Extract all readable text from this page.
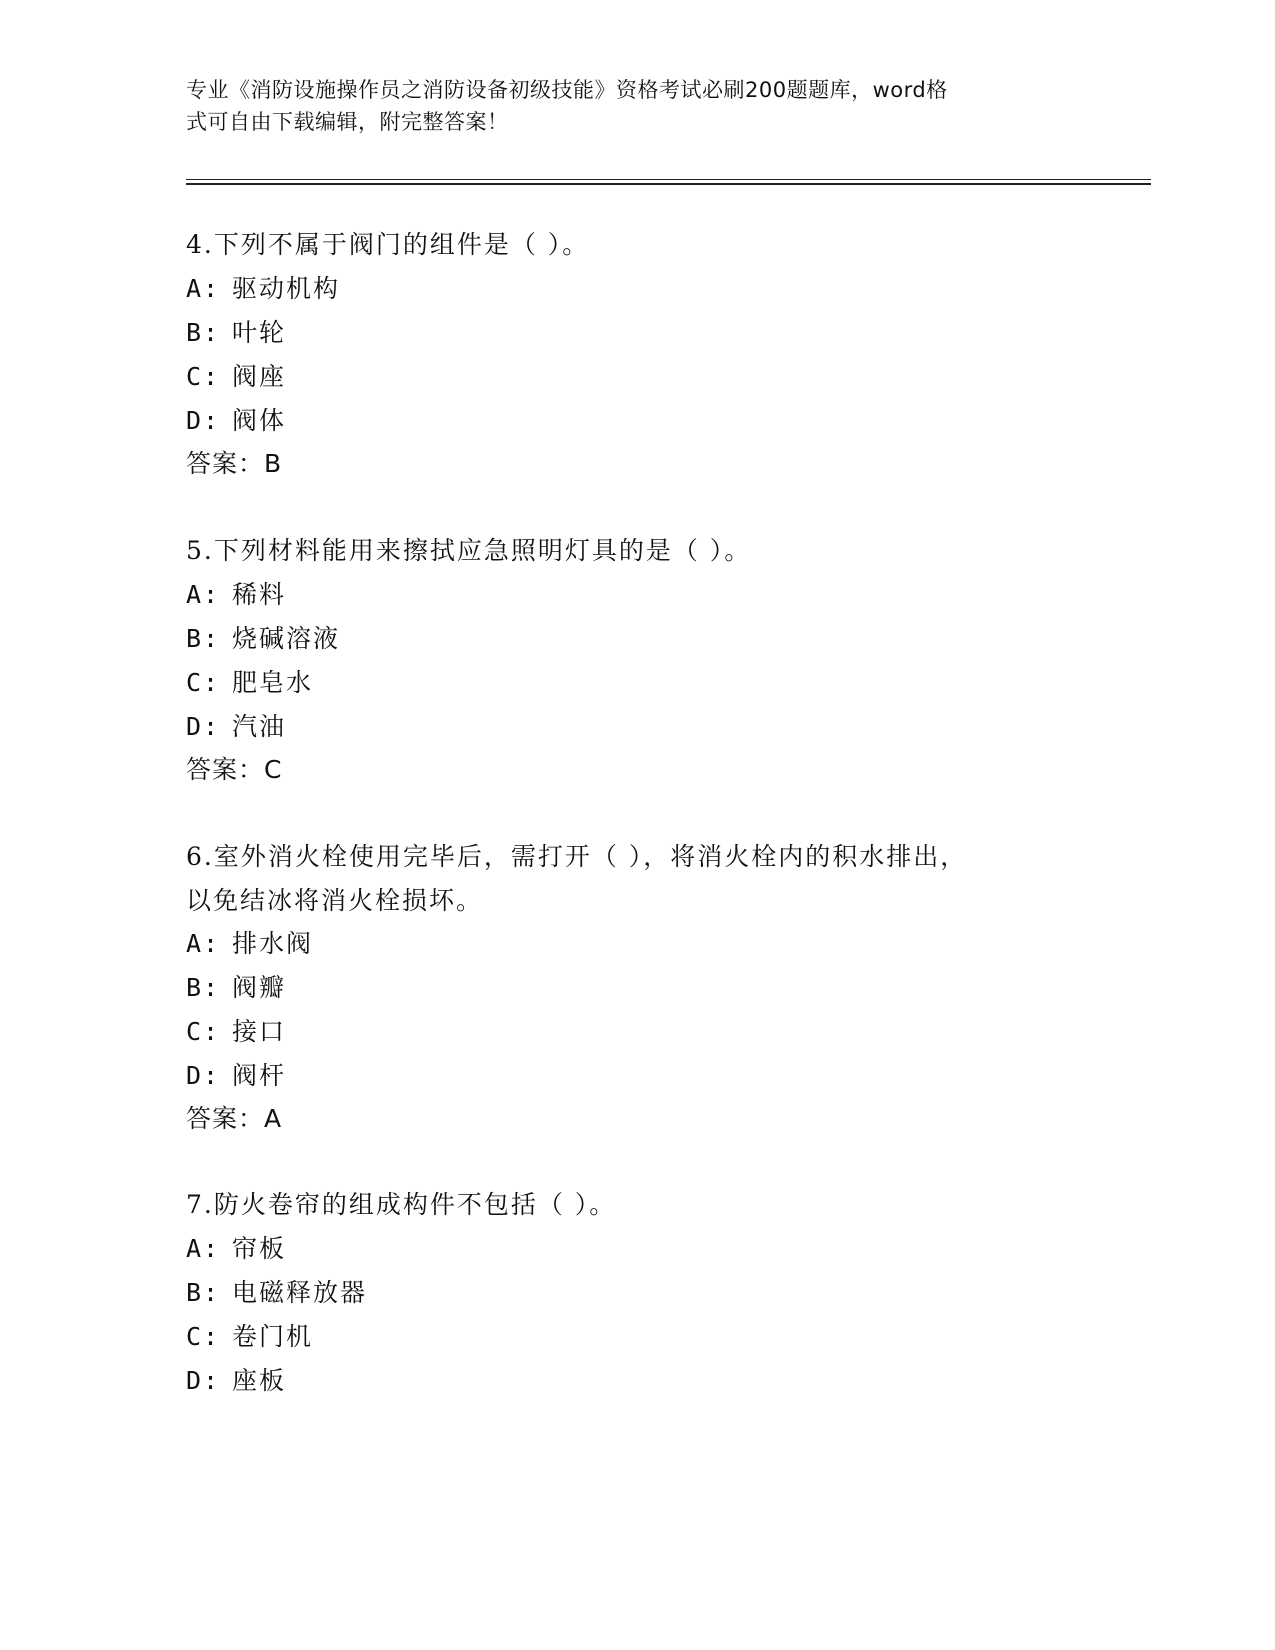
专业《消防设施操作员之消防设备初级技能》资格考试必刷200题题库，word格
式可自由下载编辑，附完整答案！
4.下列不属于阀门的组件是（ ）。
A: 驱动机构
B: 叶轮
C: 阀座
D: 阀体
答案：B
5.下列材料能用来擦拭应急照明灯具的是（ ）。
A: 稀料
B: 烧碱溶液
C: 肥皂水
D: 汽油
答案：C
6.室外消火栓使用完毕后，需打开（ ），将消火栓内的积水排出，
以免结冰将消火栓损坏。
A: 排水阀
B: 阀瓣
C: 接口
D: 阀杆
答案：A
7.防火卷帘的组成构件不包括（ ）。
A: 帘板
B: 电磁释放器
C: 卷门机
D: 座板
